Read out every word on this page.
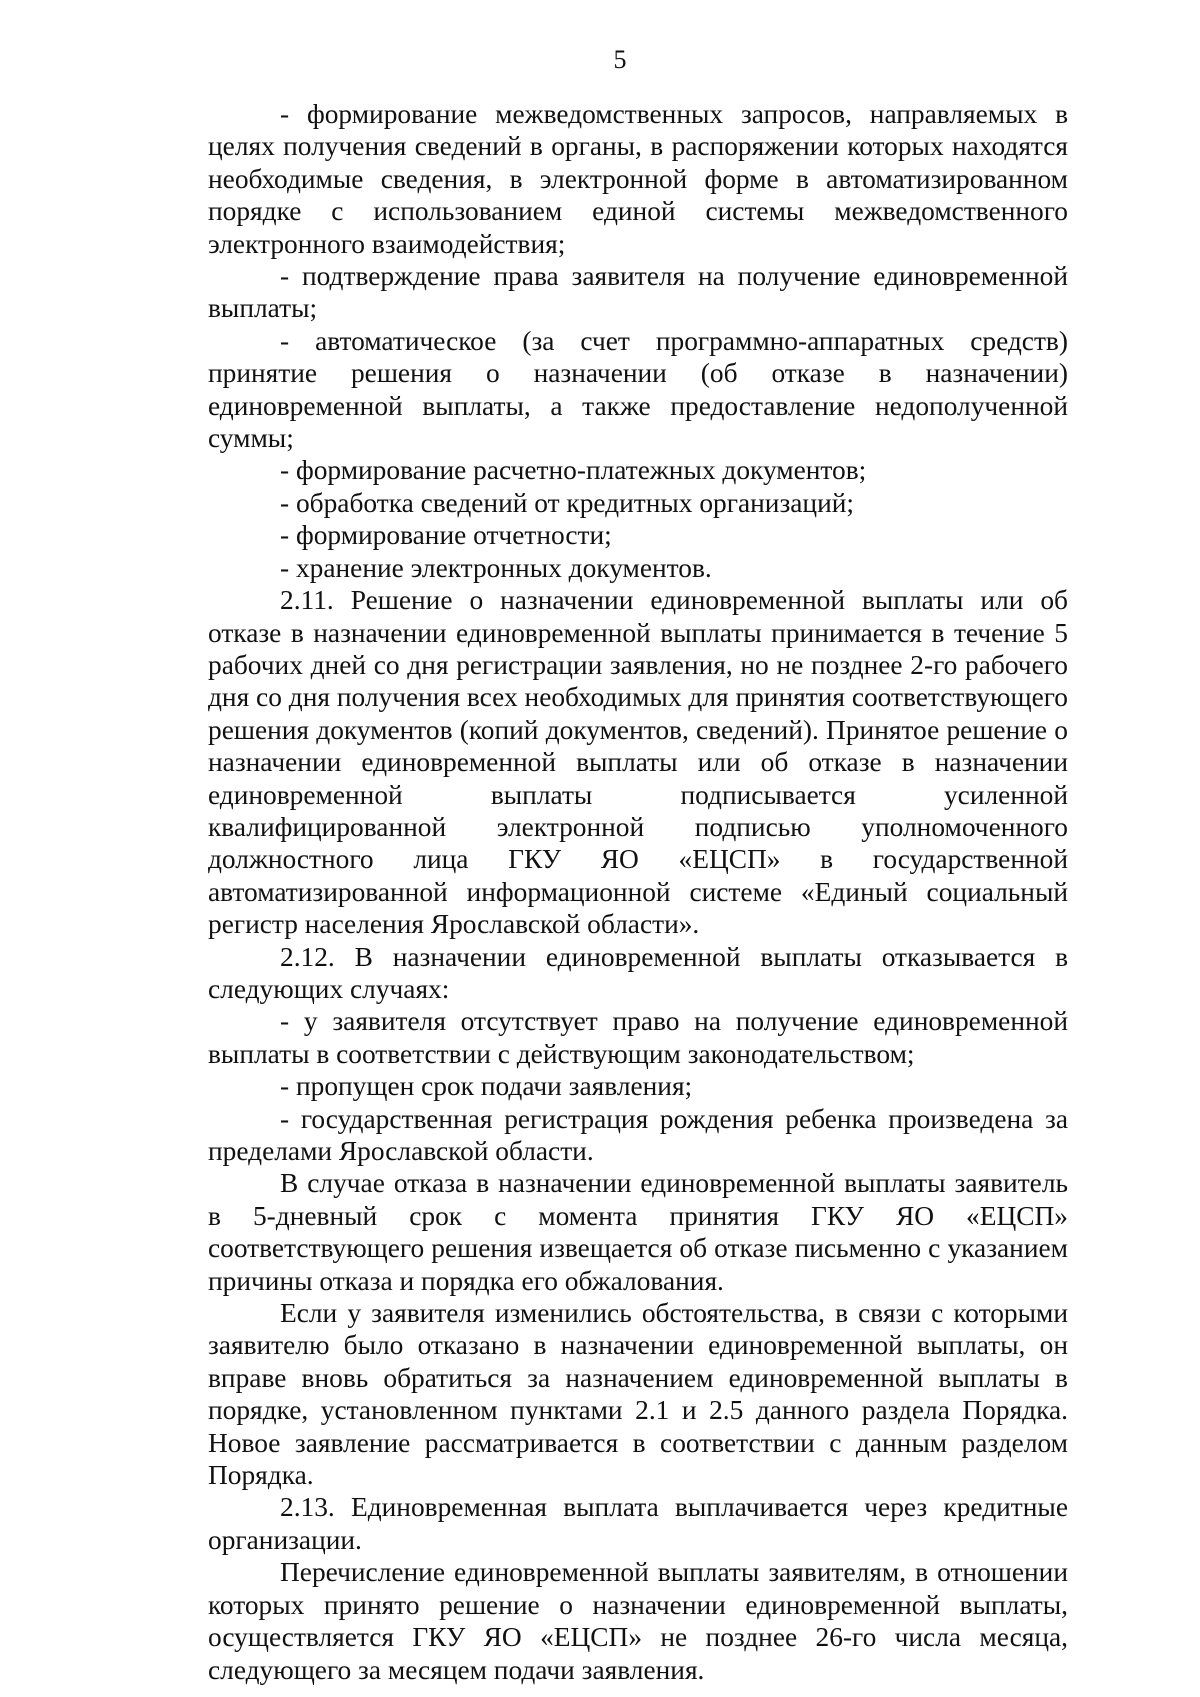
5

- формирование межведомственных запросов, направляемых в целях получения сведений в органы, в распоряжении которых находятся необходимые сведения, в электронной форме в автоматизированном порядке с использованием единой системы межведомственного электронного взаимодействия;

- подтверждение права заявителя на получение единовременной выплаты;

- автоматическое (за счет программно-аппаратных средств) принятие решения о назначении (об отказе в назначении) единовременной выплаты, а также предоставление недополученной суммы;

- формирование расчетно-платежных документов;

- обработка сведений от кредитных организаций;

- формирование отчетности;

- хранение электронных документов.

2.11. Решение о назначении единовременной выплаты или об отказе в назначении единовременной выплаты принимается в течение 5 рабочих дней со дня регистрации заявления, но не позднее 2-го рабочего дня со дня получения всех необходимых для принятия соответствующего решения документов (копий документов, сведений). Принятое решение о назначении единовременной выплаты или об отказе в назначении единовременной выплаты подписывается усиленной квалифицированной электронной подписью уполномоченного должностного лица ГКУ ЯО «ЕЦСП» в государственной автоматизированной информационной системе «Единый социальный регистр населения Ярославской области».

2.12. В назначении единовременной выплаты отказывается в следующих случаях:

- у заявителя отсутствует право на получение единовременной выплаты в соответствии с действующим законодательством;

- пропущен срок подачи заявления;

- государственная регистрация рождения ребенка произведена за пределами Ярославской области.

В случае отказа в назначении единовременной выплаты заявитель в 5-дневный срок с момента принятия ГКУ ЯО «ЕЦСП» соответствующего решения извещается об отказе письменно с указанием причины отказа и порядка его обжалования.

Если у заявителя изменились обстоятельства, в связи с которыми заявителю было отказано в назначении единовременной выплаты, он вправе вновь обратиться за назначением единовременной выплаты в порядке, установленном пунктами 2.1 и 2.5 данного раздела Порядка. Новое заявление рассматривается в соответствии с данным разделом Порядка.

2.13. Единовременная выплата выплачивается через кредитные организации.

Перечисление единовременной выплаты заявителям, в отношении которых принято решение о назначении единовременной выплаты, осуществляется ГКУ ЯО «ЕЦСП» не позднее 26-го числа месяца, следующего за месяцем подачи заявления.
